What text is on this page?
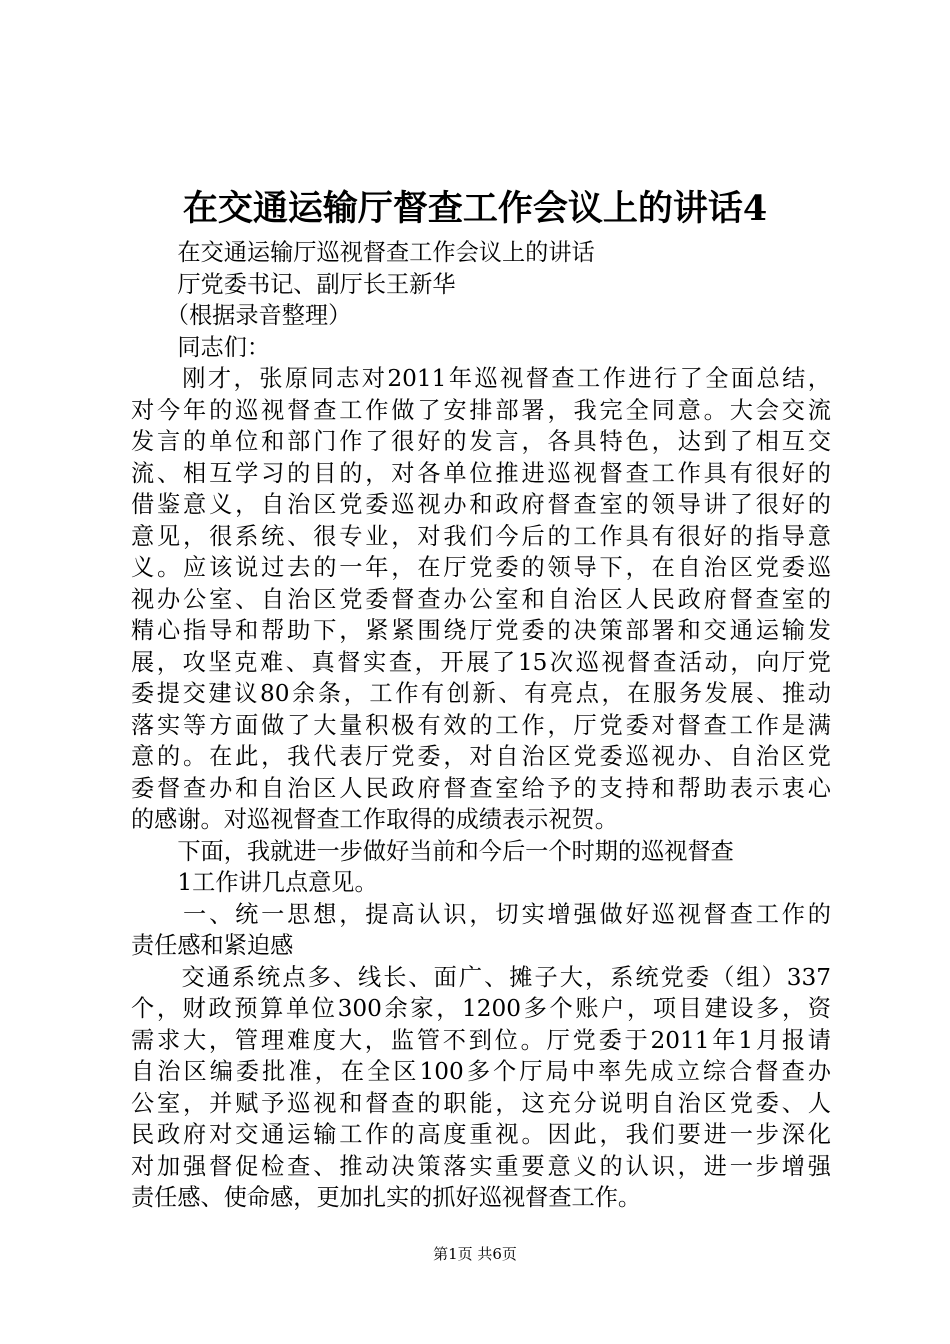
在交通运输厅督查工作会议上的讲话4
　　在交通运输厅巡视督查工作会议上的讲话
　　厅党委书记、副厅长王新华
　　（根据录音整理）
　　同志们：
　　刚才，张原同志对2011年巡视督查工作进行了全面总结，
对今年的巡视督查工作做了安排部署，我完全同意。大会交流
发言的单位和部门作了很好的发言，各具特色，达到了相互交
流、相互学习的目的，对各单位推进巡视督查工作具有很好的
借鉴意义，自治区党委巡视办和政府督查室的领导讲了很好的
意见，很系统、很专业，对我们今后的工作具有很好的指导意
义。应该说过去的一年，在厅党委的领导下，在自治区党委巡
视办公室、自治区党委督查办公室和自治区人民政府督查室的
精心指导和帮助下，紧紧围绕厅党委的决策部署和交通运输发
展，攻坚克难、真督实查，开展了15次巡视督查活动，向厅党
委提交建议80余条，工作有创新、有亮点，在服务发展、推动
落实等方面做了大量积极有效的工作，厅党委对督查工作是满
意的。在此，我代表厅党委，对自治区党委巡视办、自治区党
委督查办和自治区人民政府督查室给予的支持和帮助表示衷心
的感谢。对巡视督查工作取得的成绩表示祝贺。
　　下面，我就进一步做好当前和今后一个时期的巡视督查
　　1工作讲几点意见。
　　一、统一思想，提高认识，切实增强做好巡视督查工作的
责任感和紧迫感
　　交通系统点多、线长、面广、摊子大，系统党委（组）337
个，财政预算单位300余家，1200多个账户，项目建设多，资
需求大，管理难度大，监管不到位。厅党委于2011年1月报请
自治区编委批准，在全区100多个厅局中率先成立综合督查办
公室，并赋予巡视和督查的职能，这充分说明自治区党委、人
民政府对交通运输工作的高度重视。因此，我们要进一步深化
对加强督促检查、推动决策落实重要意义的认识，进一步增强
责任感、使命感，更加扎实的抓好巡视督查工作。
第1页 共6页
